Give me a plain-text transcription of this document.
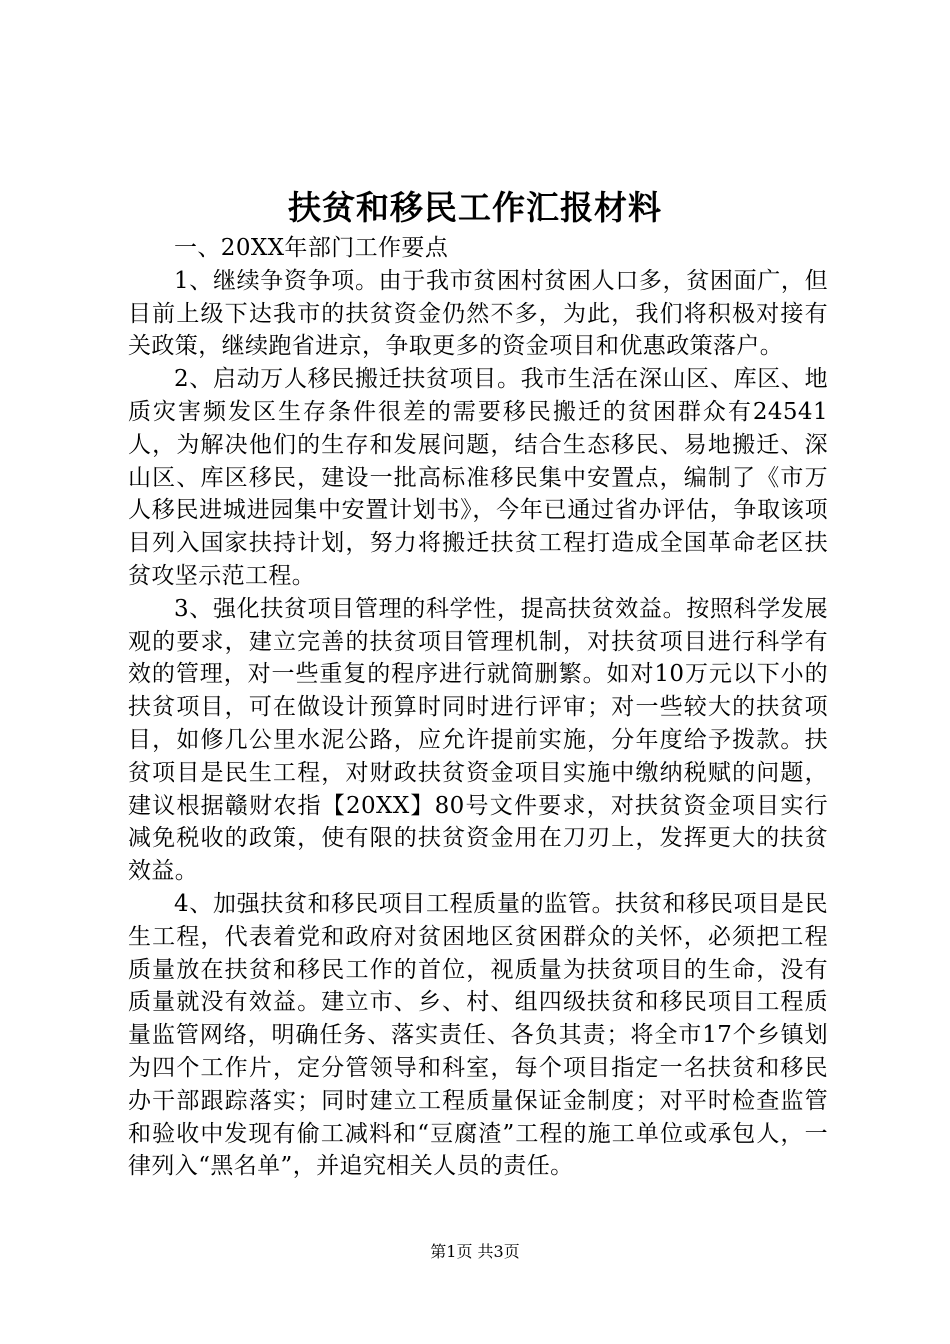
扶贫和移民工作汇报材料

一、20XX年部门工作要点

1、继续争资争项。由于我市贫困村贫困人口多，贫困面广，但目前上级下达我市的扶贫资金仍然不多，为此，我们将积极对接有关政策，继续跑省进京，争取更多的资金项目和优惠政策落户。

2、启动万人移民搬迁扶贫项目。我市生活在深山区、库区、地质灾害频发区生存条件很差的需要移民搬迁的贫困群众有24541人，为解决他们的生存和发展问题，结合生态移民、易地搬迁、深山区、库区移民，建设一批高标准移民集中安置点，编制了《市万人移民进城进园集中安置计划书》，今年已通过省办评估，争取该项目列入国家扶持计划，努力将搬迁扶贫工程打造成全国革命老区扶贫攻坚示范工程。

3、强化扶贫项目管理的科学性，提高扶贫效益。按照科学发展观的要求，建立完善的扶贫项目管理机制，对扶贫项目进行科学有效的管理，对一些重复的程序进行就简删繁。如对10万元以下小的扶贫项目，可在做设计预算时同时进行评审；对一些较大的扶贫项目，如修几公里水泥公路，应允许提前实施，分年度给予拨款。扶贫项目是民生工程，对财政扶贫资金项目实施中缴纳税赋的问题，建议根据赣财农指【20XX】80号文件要求，对扶贫资金项目实行减免税收的政策，使有限的扶贫资金用在刀刃上，发挥更大的扶贫效益。

4、加强扶贫和移民项目工程质量的监管。扶贫和移民项目是民生工程，代表着党和政府对贫困地区贫困群众的关怀，必须把工程质量放在扶贫和移民工作的首位，视质量为扶贫项目的生命，没有质量就没有效益。建立市、乡、村、组四级扶贫和移民项目工程质量监管网络，明确任务、落实责任、各负其责；将全市17个乡镇划为四个工作片，定分管领导和科室，每个项目指定一名扶贫和移民办干部跟踪落实；同时建立工程质量保证金制度；对平时检查监管和验收中发现有偷工减料和“豆腐渣”工程的施工单位或承包人，一律列入“黑名单”，并追究相关人员的责任。

第1页 共3页
